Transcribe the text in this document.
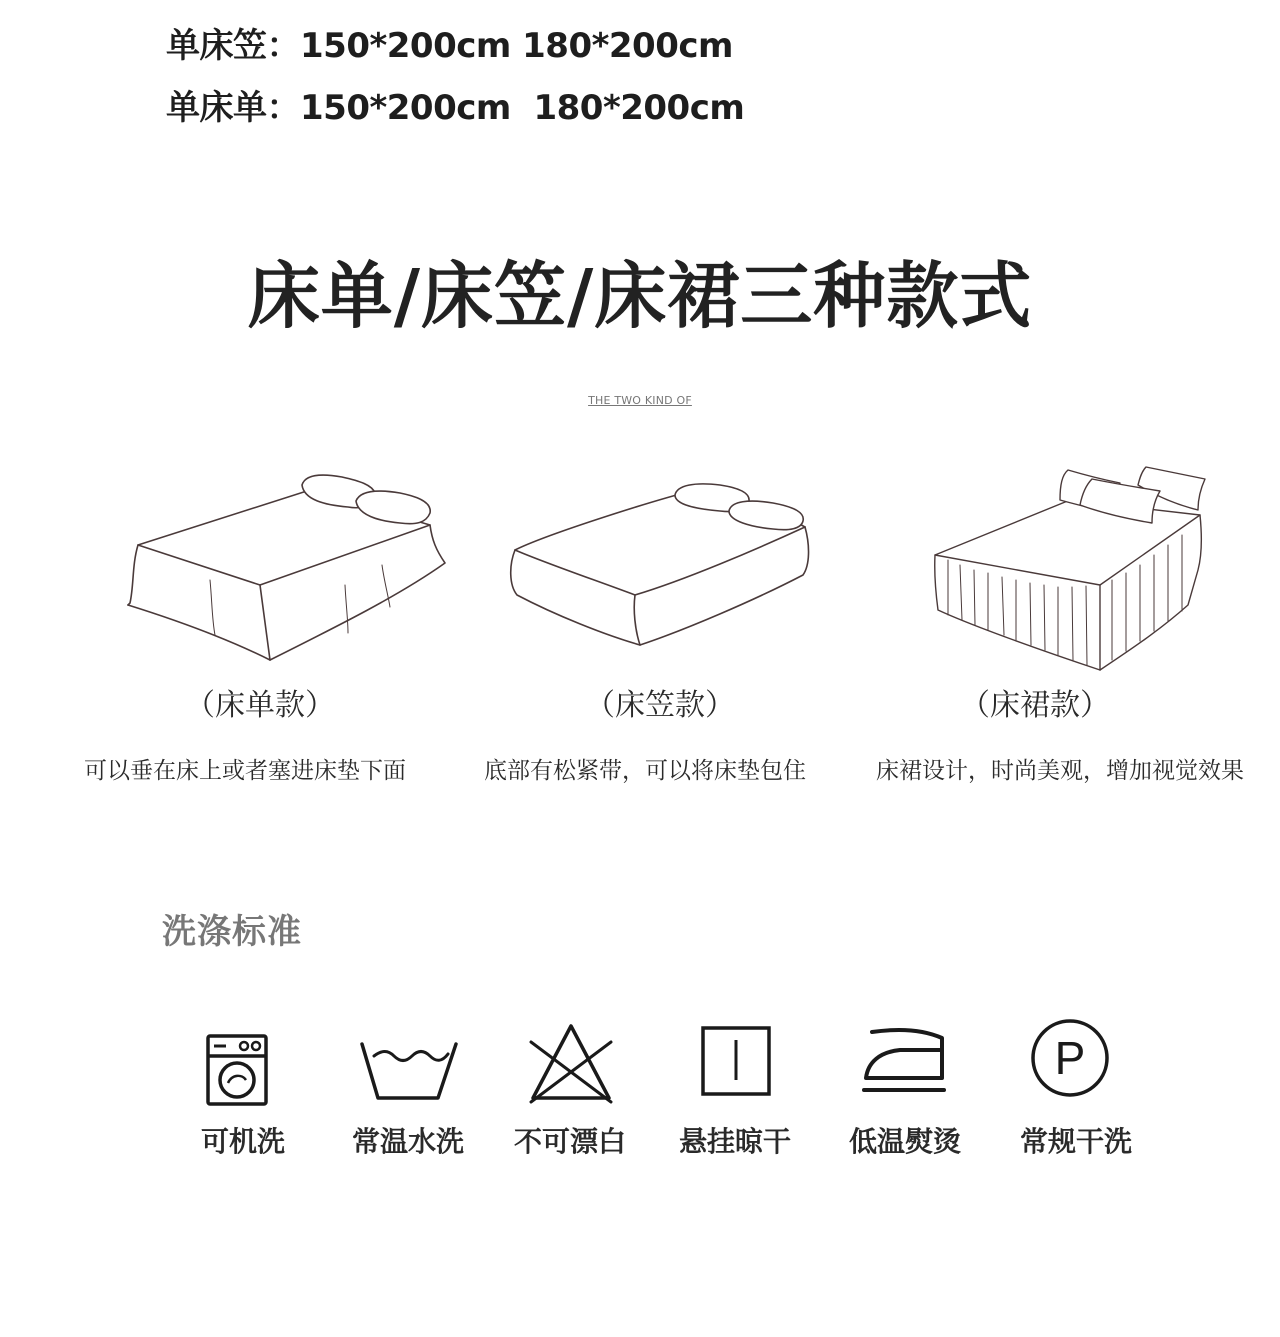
单床笠：150*200cm 180*200cm
单床单：150*200cm  180*200cm
床单/床笠/床裙三种款式
THE TWO KIND OF
（床单款）	（床笠款）	（床裙款）
可以垂在床上或者塞进床垫下面	底部有松紧带，可以将床垫包住	床裙设计，时尚美观，增加视觉效果
洗涤标准
可机洗	常温水洗	不可漂白	悬挂晾干	低温熨烫
P
常规干洗
